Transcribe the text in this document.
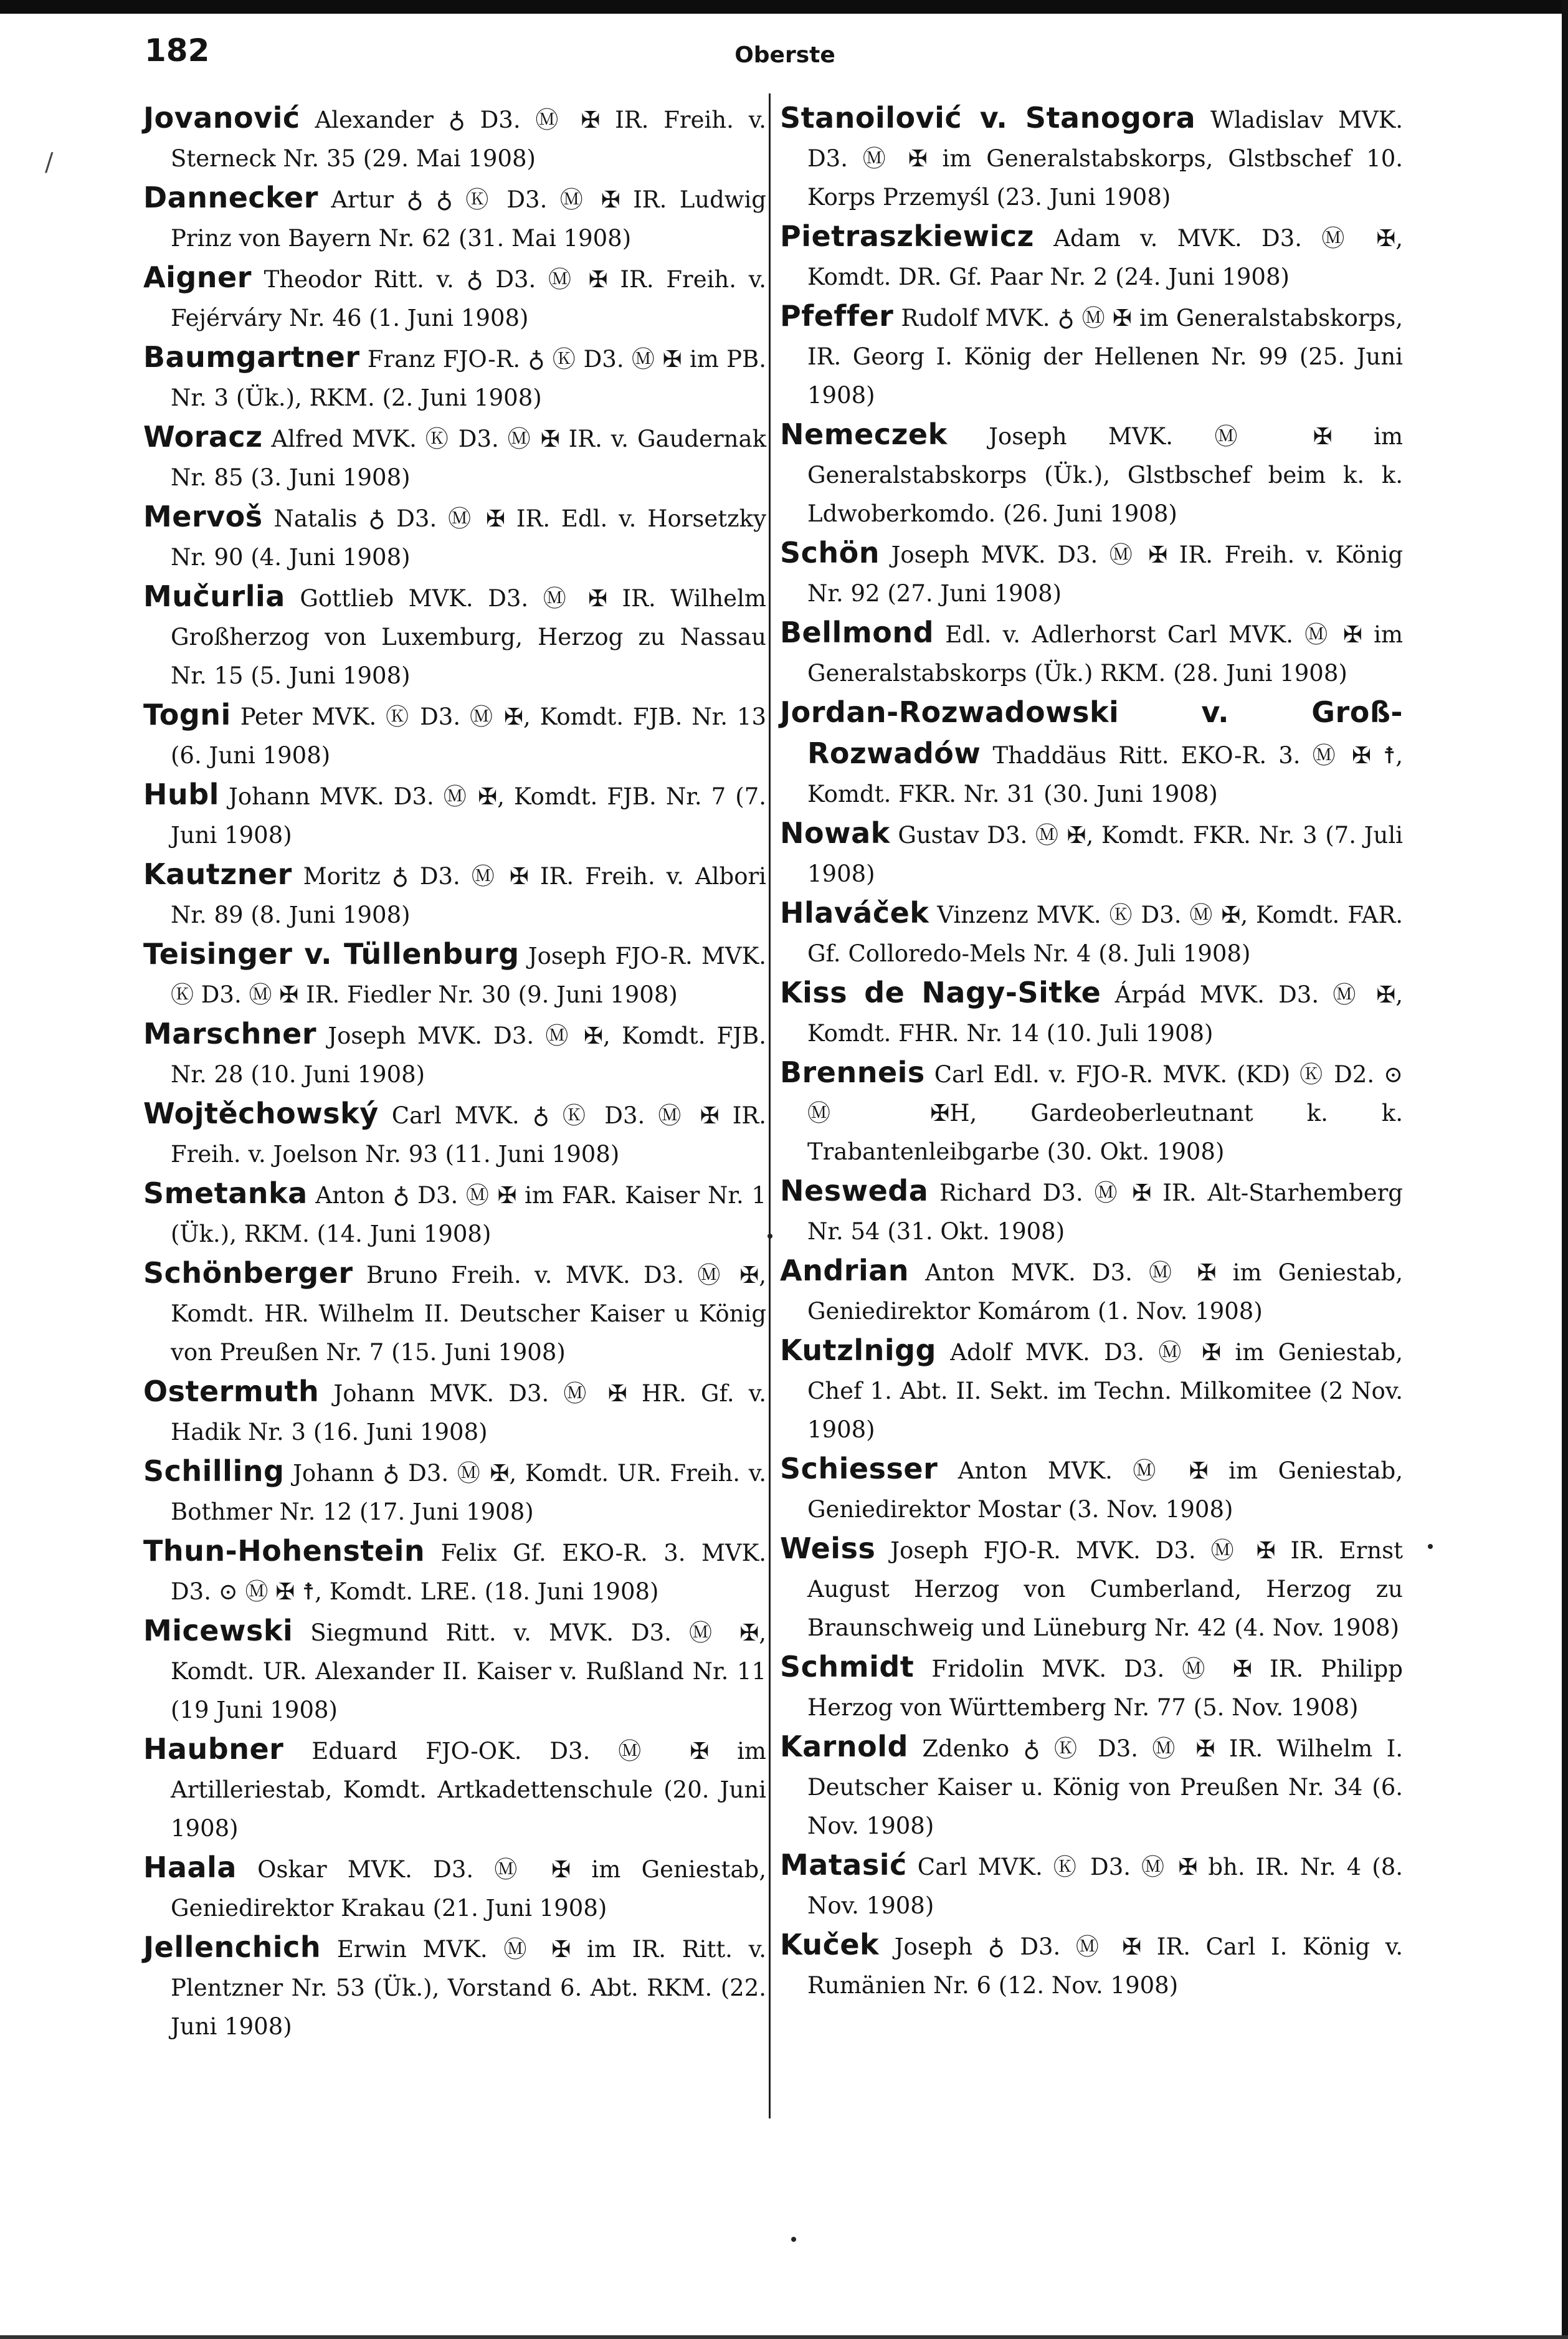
/
182	Oberste

Jovanović Alexander ♁ D3. Ⓜ ✠ IR. Freih. v. Sterneck Nr. 35 (29. Mai 1908)

Dannecker Artur ♁ ♁ Ⓚ D3. Ⓜ ✠ IR. Ludwig Prinz von Bayern Nr. 62 (31. Mai 1908)

Aigner Theodor Ritt. v. ♁ D3. Ⓜ ✠ IR. Freih. v. Fejérváry Nr. 46 (1. Juni 1908)

Baumgartner Franz FJO-R. ♁ Ⓚ D3. Ⓜ ✠ im PB. Nr. 3 (Ük.), RKM. (2. Juni 1908)

Woracz Alfred MVK. Ⓚ D3. Ⓜ ✠ IR. v. Gaudernak Nr. 85 (3. Juni 1908)

Mervoš Natalis ♁ D3. Ⓜ ✠ IR. Edl. v. Horsetzky Nr. 90 (4. Juni 1908)

Mučurlia Gottlieb MVK. D3. Ⓜ ✠ IR. Wilhelm Großherzog von Luxemburg, Herzog zu Nassau Nr. 15 (5. Juni 1908)

Togni Peter MVK. Ⓚ D3. Ⓜ ✠, Komdt. FJB. Nr. 13 (6. Juni 1908)

Hubl Johann MVK. D3. Ⓜ ✠, Komdt. FJB. Nr. 7 (7. Juni 1908)

Kautzner Moritz ♁ D3. Ⓜ ✠ IR. Freih. v. Albori Nr. 89 (8. Juni 1908)

Teisinger v. Tüllenburg Joseph FJO-R. MVK. Ⓚ D3. Ⓜ ✠ IR. Fiedler Nr. 30 (9. Juni 1908)

Marschner Joseph MVK. D3. Ⓜ ✠, Komdt. FJB. Nr. 28 (10. Juni 1908)

Wojtěchowský Carl MVK. ♁ Ⓚ D3. Ⓜ ✠ IR. Freih. v. Joelson Nr. 93 (11. Juni 1908)

Smetanka Anton ♁ D3. Ⓜ ✠ im FAR. Kaiser Nr. 1 (Ük.), RKM. (14. Juni 1908)

Schönberger Bruno Freih. v. MVK. D3. Ⓜ ✠, Komdt. HR. Wilhelm II. Deutscher Kaiser u König von Preußen Nr. 7 (15. Juni 1908)

Ostermuth Johann MVK. D3. Ⓜ ✠ HR. Gf. v. Hadik Nr. 3 (16. Juni 1908)

Schilling Johann ♁ D3. Ⓜ ✠, Komdt. UR. Freih. v. Bothmer Nr. 12 (17. Juni 1908)

Thun-Hohenstein Felix Gf. EKO-R. 3. MVK. D3. ⊙ Ⓜ ✠ ☨, Komdt. LRE. (18. Juni 1908)

Micewski Siegmund Ritt. v. MVK. D3. Ⓜ ✠, Komdt. UR. Alexander II. Kaiser v. Rußland Nr. 11 (19 Juni 1908)

Haubner Eduard FJO-OK. D3. Ⓜ ✠ im Artilleriestab, Komdt. Artkadettenschule (20. Juni 1908)

Haala Oskar MVK. D3. Ⓜ ✠ im Geniestab, Geniedirektor Krakau (21. Juni 1908)

Jellenchich Erwin MVK. Ⓜ ✠ im IR. Ritt. v. Plentzner Nr. 53 (Ük.), Vorstand 6. Abt. RKM. (22. Juni 1908)

Stanoilović v. Stanogora Wladislav MVK. D3. Ⓜ ✠ im Generalstabskorps, Glstbschef 10. Korps Przemyśl (23. Juni 1908)

Pietraszkiewicz Adam v. MVK. D3. Ⓜ ✠, Komdt. DR. Gf. Paar Nr. 2 (24. Juni 1908)

Pfeffer Rudolf MVK. ♁ Ⓜ ✠ im Generalstabskorps, IR. Georg I. König der Hellenen Nr. 99 (25. Juni 1908)

Nemeczek Joseph MVK. Ⓜ ✠ im Generalstabskorps (Ük.), Glstbschef beim k. k. Ldwoberkomdo. (26. Juni 1908)

Schön Joseph MVK. D3. Ⓜ ✠ IR. Freih. v. König Nr. 92 (27. Juni 1908)

Bellmond Edl. v. Adlerhorst Carl MVK. Ⓜ ✠ im Generalstabskorps (Ük.) RKM. (28. Juni 1908)

Jordan-Rozwadowski v. Groß-Rozwadów Thaddäus Ritt. EKO-R. 3. Ⓜ ✠ ☨, Komdt. FKR. Nr. 31 (30. Juni 1908)

Nowak Gustav D3. Ⓜ ✠, Komdt. FKR. Nr. 3 (7. Juli 1908)

Hlaváček Vinzenz MVK. Ⓚ D3. Ⓜ ✠, Komdt. FAR. Gf. Colloredo-Mels Nr. 4 (8. Juli 1908)

Kiss de Nagy-Sitke Árpád MVK. D3. Ⓜ ✠, Komdt. FHR. Nr. 14 (10. Juli 1908)

Brenneis Carl Edl. v. FJO-R. MVK. (KD) Ⓚ D2. ⊙ Ⓜ ✠H, Gardeoberleutnant k. k. Trabantenleibgarbe (30. Okt. 1908)

Nesweda Richard D3. Ⓜ ✠ IR. Alt-Starhemberg Nr. 54 (31. Okt. 1908)

Andrian Anton MVK. D3. Ⓜ ✠ im Geniestab, Geniedirektor Komárom (1. Nov. 1908)

Kutzlnigg Adolf MVK. D3. Ⓜ ✠ im Geniestab, Chef 1. Abt. II. Sekt. im Techn. Milkomitee (2 Nov. 1908)

Schiesser Anton MVK. Ⓜ ✠ im Geniestab, Geniedirektor Mostar (3. Nov. 1908)

Weiss Joseph FJO-R. MVK. D3. Ⓜ ✠ IR. Ernst August Herzog von Cumberland, Herzog zu Braunschweig und Lüneburg Nr. 42 (4. Nov. 1908)

Schmidt Fridolin MVK. D3. Ⓜ ✠ IR. Philipp Herzog von Württemberg Nr. 77 (5. Nov. 1908)

Karnold Zdenko ♁ Ⓚ D3. Ⓜ ✠ IR. Wilhelm I. Deutscher Kaiser u. König von Preußen Nr. 34 (6. Nov. 1908)

Matasić Carl MVK. Ⓚ D3. Ⓜ ✠ bh. IR. Nr. 4 (8. Nov. 1908)

Kuček Joseph ♁ D3. Ⓜ ✠ IR. Carl I. König v. Rumänien Nr. 6 (12. Nov. 1908)
